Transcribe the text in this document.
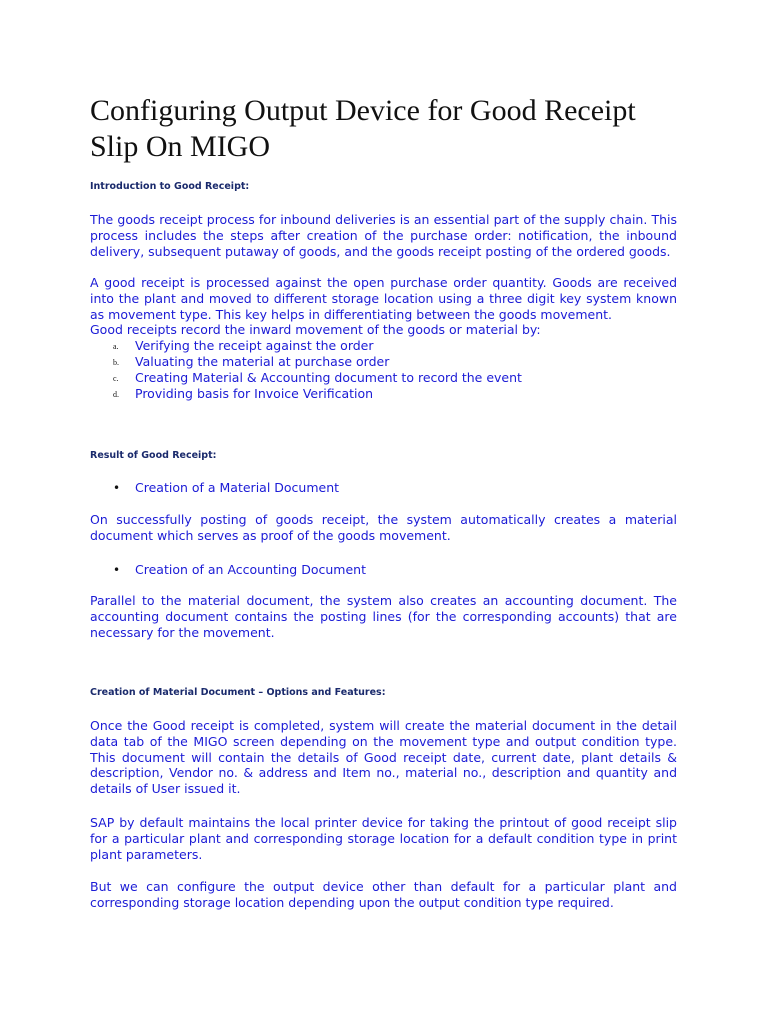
Configuring Output Device for Good Receipt Slip On MIGO
Introduction to Good Receipt:

The goods receipt process for inbound deliveries is an essential part of the supply chain. This process includes the steps after creation of the purchase order: notification, the inbound delivery, subsequent putaway of goods, and the goods receipt posting of the ordered goods.

A good receipt is processed against the open purchase order quantity. Goods are received into the plant and moved to different storage location using a three digit key system known as movement type. This key helps in differentiating between the goods movement.

Good receipts record the inward movement of the goods or material by:

a. Verifying the receipt against the order
b. Valuating the material at purchase order
c. Creating Material & Accounting document to record the event
d. Providing basis for Invoice Verification
Result of Good Receipt:
• Creation of a Material Document

On successfully posting of goods receipt, the system automatically creates a material document which serves as proof of the goods movement.

• Creation of an Accounting Document

Parallel to the material document, the system also creates an accounting document. The accounting document contains the posting lines (for the corresponding accounts) that are necessary for the movement.

Creation of Material Document – Options and Features:

Once the Good receipt is completed, system will create the material document in the detail data tab of the MIGO screen depending on the movement type and output condition type. This document will contain the details of Good receipt date, current date, plant details & description, Vendor no. & address and Item no., material no., description and quantity and details of User issued it.

SAP by default maintains the local printer device for taking the printout of good receipt slip for a particular plant and corresponding storage location for a default condition type in print plant parameters.

But we can configure the output device other than default for a particular plant and corresponding storage location depending upon the output condition type required.
